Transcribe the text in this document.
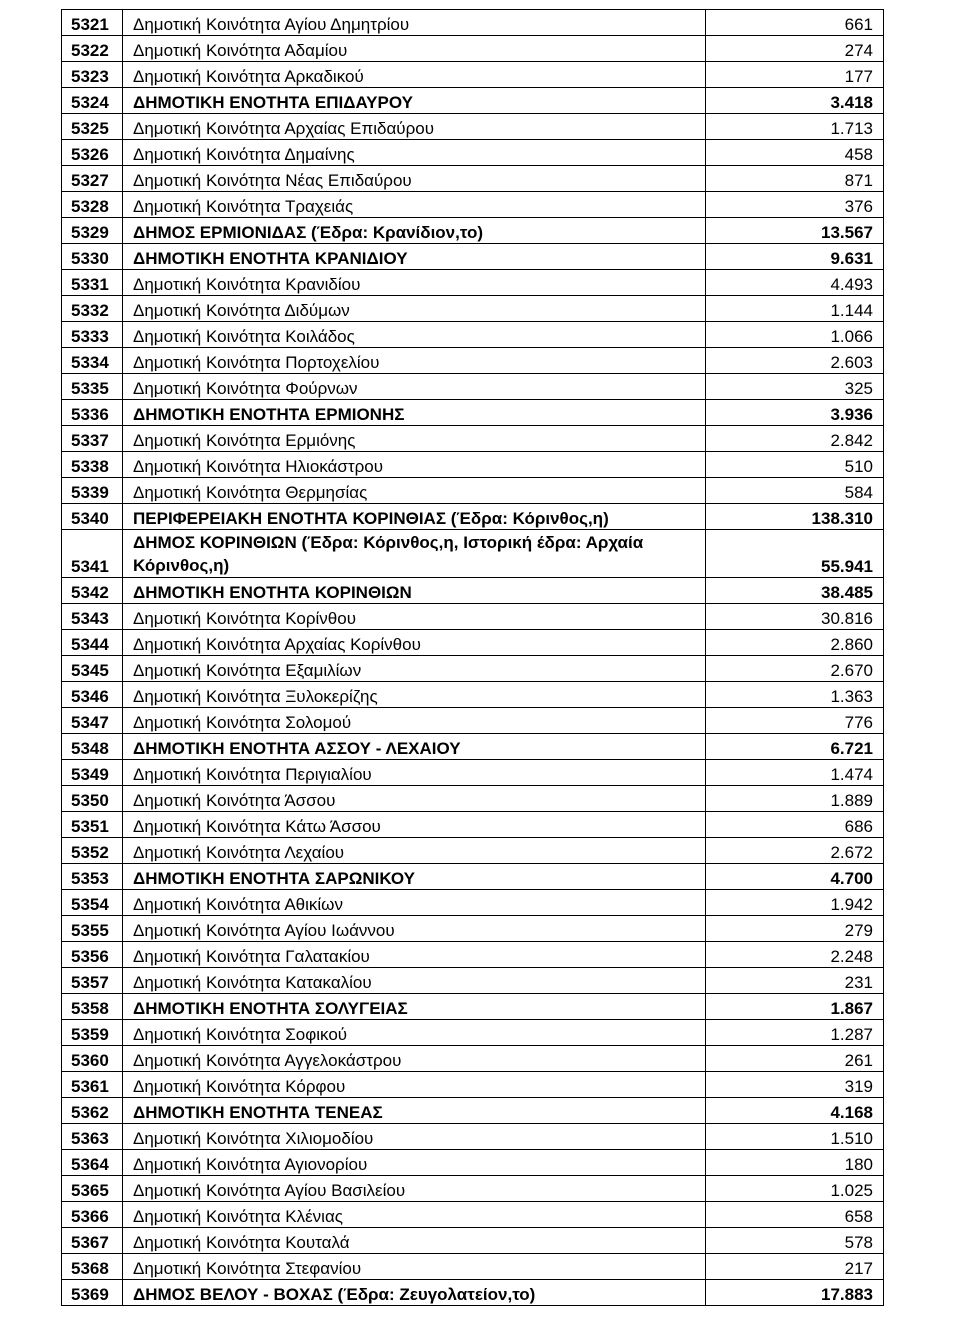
5321	Δημοτική Κοινότητα Αγίου Δημητρίου	661
5322	Δημοτική Κοινότητα Αδαμίου	274
5323	Δημοτική Κοινότητα Αρκαδικού	177
5324	ΔΗΜΟΤΙΚΗ ΕΝΟΤΗΤΑ ΕΠΙΔΑΥΡΟΥ	3.418
5325	Δημοτική Κοινότητα Αρχαίας Επιδαύρου	1.713
5326	Δημοτική Κοινότητα Δημαίνης	458
5327	Δημοτική Κοινότητα Νέας Επιδαύρου	871
5328	Δημοτική Κοινότητα Τραχειάς	376
5329	ΔΗΜΟΣ ΕΡΜΙΟΝΙΔΑΣ (Έδρα: Κρανίδιον,το)	13.567
5330	ΔΗΜΟΤΙΚΗ ΕΝΟΤΗΤΑ ΚΡΑΝΙΔΙΟΥ	9.631
5331	Δημοτική Κοινότητα Κρανιδίου	4.493
5332	Δημοτική Κοινότητα Διδύμων	1.144
5333	Δημοτική Κοινότητα Κοιλάδος	1.066
5334	Δημοτική Κοινότητα Πορτοχελίου	2.603
5335	Δημοτική Κοινότητα Φούρνων	325
5336	ΔΗΜΟΤΙΚΗ ΕΝΟΤΗΤΑ ΕΡΜΙΟΝΗΣ	3.936
5337	Δημοτική Κοινότητα Ερμιόνης	2.842
5338	Δημοτική Κοινότητα Ηλιοκάστρου	510
5339	Δημοτική Κοινότητα Θερμησίας	584
5340	ΠΕΡΙΦΕΡΕΙΑΚΗ ΕΝΟΤΗΤΑ ΚΟΡΙΝΘΙΑΣ (Έδρα: Κόρινθος,η)	138.310
5341	ΔΗΜΟΣ ΚΟΡΙΝΘΙΩΝ (Έδρα: Κόρινθος,η, Ιστορική έδρα: Αρχαία Κόρινθος,η)	55.941
5342	ΔΗΜΟΤΙΚΗ ΕΝΟΤΗΤΑ ΚΟΡΙΝΘΙΩΝ	38.485
5343	Δημοτική Κοινότητα Κορίνθου	30.816
5344	Δημοτική Κοινότητα Αρχαίας Κορίνθου	2.860
5345	Δημοτική Κοινότητα Εξαμιλίων	2.670
5346	Δημοτική Κοινότητα Ξυλοκερίζης	1.363
5347	Δημοτική Κοινότητα Σολομού	776
5348	ΔΗΜΟΤΙΚΗ ΕΝΟΤΗΤΑ ΑΣΣΟΥ - ΛΕΧΑΙΟΥ	6.721
5349	Δημοτική Κοινότητα Περιγιαλίου	1.474
5350	Δημοτική Κοινότητα Άσσου	1.889
5351	Δημοτική Κοινότητα Κάτω Άσσου	686
5352	Δημοτική Κοινότητα Λεχαίου	2.672
5353	ΔΗΜΟΤΙΚΗ ΕΝΟΤΗΤΑ ΣΑΡΩΝΙΚΟΥ	4.700
5354	Δημοτική Κοινότητα Αθικίων	1.942
5355	Δημοτική Κοινότητα Αγίου Ιωάννου	279
5356	Δημοτική Κοινότητα Γαλατακίου	2.248
5357	Δημοτική Κοινότητα Κατακαλίου	231
5358	ΔΗΜΟΤΙΚΗ ΕΝΟΤΗΤΑ ΣΟΛΥΓΕΙΑΣ	1.867
5359	Δημοτική Κοινότητα Σοφικού	1.287
5360	Δημοτική Κοινότητα Αγγελοκάστρου	261
5361	Δημοτική Κοινότητα Κόρφου	319
5362	ΔΗΜΟΤΙΚΗ ΕΝΟΤΗΤΑ ΤΕΝΕΑΣ	4.168
5363	Δημοτική Κοινότητα Χιλιομοδίου	1.510
5364	Δημοτική Κοινότητα Αγιονορίου	180
5365	Δημοτική Κοινότητα Αγίου Βασιλείου	1.025
5366	Δημοτική Κοινότητα Κλένιας	658
5367	Δημοτική Κοινότητα Κουταλά	578
5368	Δημοτική Κοινότητα Στεφανίου	217
5369	ΔΗΜΟΣ ΒΕΛΟΥ - ΒΟΧΑΣ (Έδρα: Ζευγολατείον,το)	17.883
